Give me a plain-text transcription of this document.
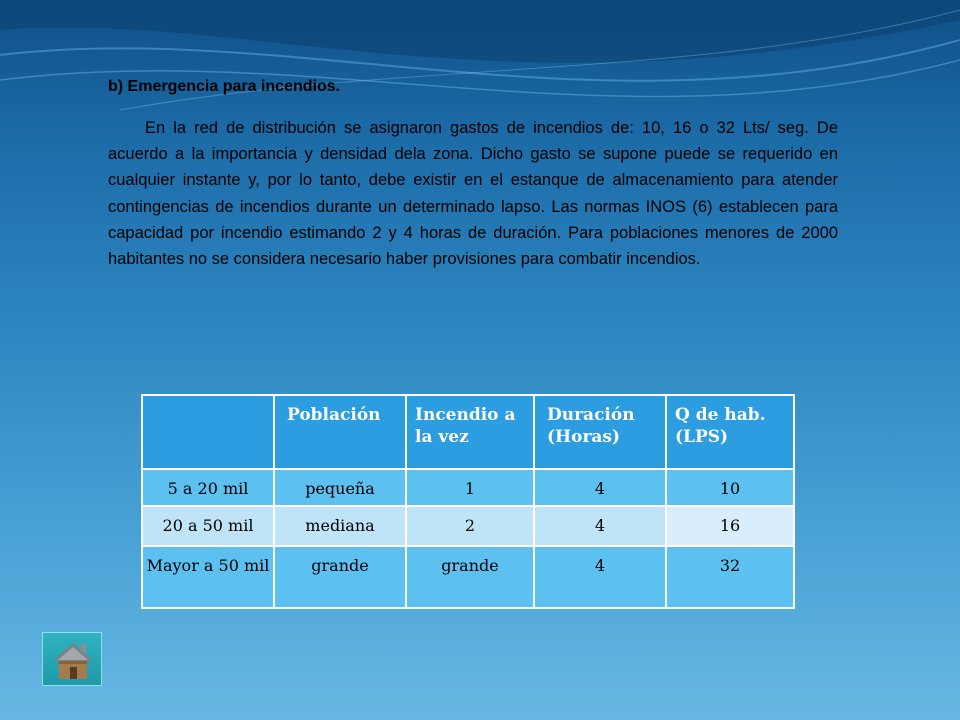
b) Emergencia para incendios.

En la red de distribución se asignaron gastos de incendios de: 10, 16 o 32 Lts/ seg. De acuerdo a la importancia y densidad dela zona. Dicho gasto se supone puede se requerido en cualquier instante y, por lo tanto, debe existir en el estanque de almacenamiento para atender contingencias de incendios durante un determinado lapso. Las normas INOS (6) establecen para capacidad por incendio estimando 2 y 4 horas de duración. Para poblaciones menores de 2000 habitantes no se considera necesario haber provisiones para combatir incendios.

	Población	Incendio a la vez	Duración (Horas)	Q de hab. (LPS)
5 a 20 mil	pequeña	1	4	10
20 a 50 mil	mediana	2	4	16
Mayor a 50 mil	grande	grande	4	32
